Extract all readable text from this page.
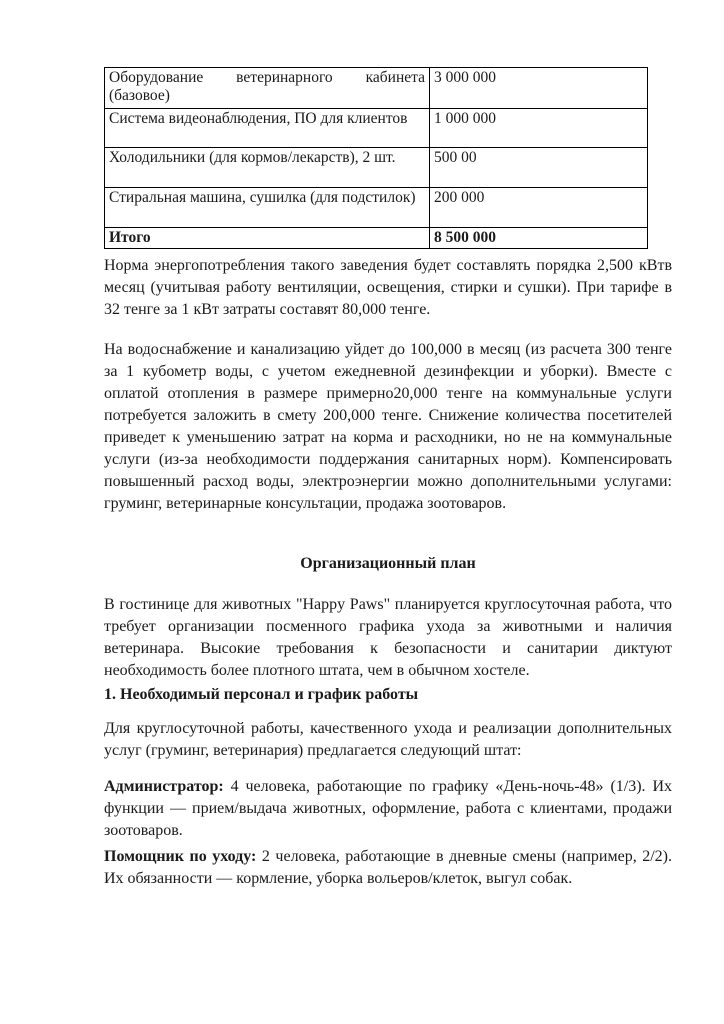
Оборудование ветеринарного кабинета (базовое)	3 000 000
Система видеонаблюдения, ПО для клиентов	1 000 000
Холодильники (для кормов/лекарств), 2 шт.	500 00
Стиральная машина, сушилка (для подстилок)	200 000
Итого	8 500 000

Норма энергопотребления такого заведения будет составлять порядка 2,500 кВтв месяц (учитывая работу вентиляции, освещения, стирки и сушки). При тарифе в 32 тенге за 1 кВт затраты составят 80,000 тенге.

На водоснабжение и канализацию уйдет до 100,000 в месяц (из расчета 300 тенге за 1 кубометр воды, с учетом ежедневной дезинфекции и уборки). Вместе с оплатой отопления в размере примерно20,000 тенге на коммунальные услуги потребуется заложить в смету 200,000 тенге. Снижение количества посетителей приведет к уменьшению затрат на корма и расходники, но не на коммунальные услуги (из-за необходимости поддержания санитарных норм). Компенсировать повышенный расход воды, электроэнергии можно дополнительными услугами: груминг, ветеринарные консультации, продажа зоотоваров.

Организационный план

В гостинице для животных "Happy Paws" планируется круглосуточная работа, что требует организации посменного графика ухода за животными и наличия ветеринара. Высокие требования к безопасности и санитарии диктуют необходимость более плотного штата, чем в обычном хостеле.

1. Необходимый персонал и график работы

Для круглосуточной работы, качественного ухода и реализации дополнительных услуг (груминг, ветеринария) предлагается следующий штат:

Администратор: 4 человека, работающие по графику «День-ночь-48» (1/3). Их функции — прием/выдача животных, оформление, работа с клиентами, продажи зоотоваров.

Помощник по уходу: 2 человека, работающие в дневные смены (например, 2/2). Их обязанности — кормление, уборка вольеров/клеток, выгул собак.
